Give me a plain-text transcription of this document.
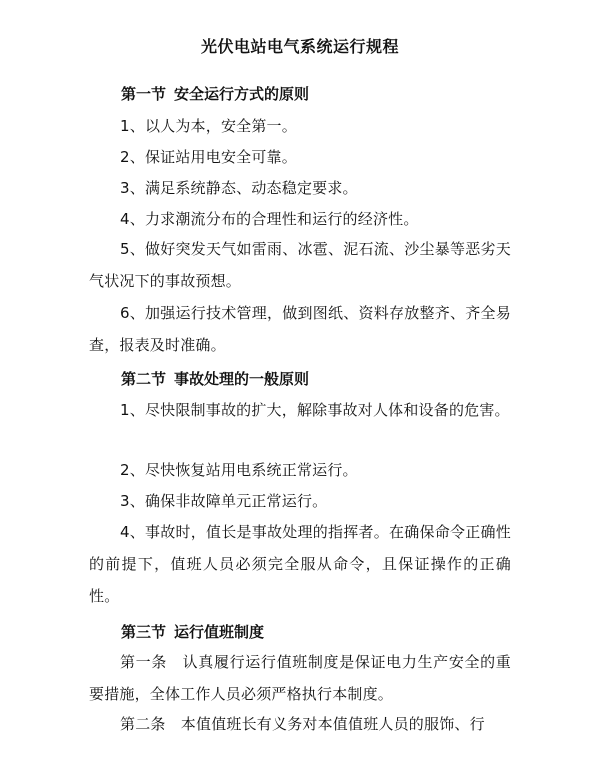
光伏电站电气系统运行规程
第一节 安全运行方式的原则

1、以人为本，安全第一。

2、保证站用电安全可靠。

3、满足系统静态、动态稳定要求。

4、力求潮流分布的合理性和运行的经济性。

5、做好突发天气如雷雨、冰雹、泥石流、沙尘暴等恶劣天气状况下的事故预想。

6、加强运行技术管理，做到图纸、资料存放整齐、齐全易查，报表及时准确。

第二节 事故处理的一般原则

1、尽快限制事故的扩大，解除事故对人体和设备的危害。

2、尽快恢复站用电系统正常运行。

3、确保非故障单元正常运行。

4、事故时，值长是事故处理的指挥者。在确保命令正确性的前提下，值班人员必须完全服从命令，且保证操作的正确性。

第三节 运行值班制度

第一条　认真履行运行值班制度是保证电力生产安全的重要措施，全体工作人员必须严格执行本制度。

第二条　本值值班长有义务对本值值班人员的服饰、行
